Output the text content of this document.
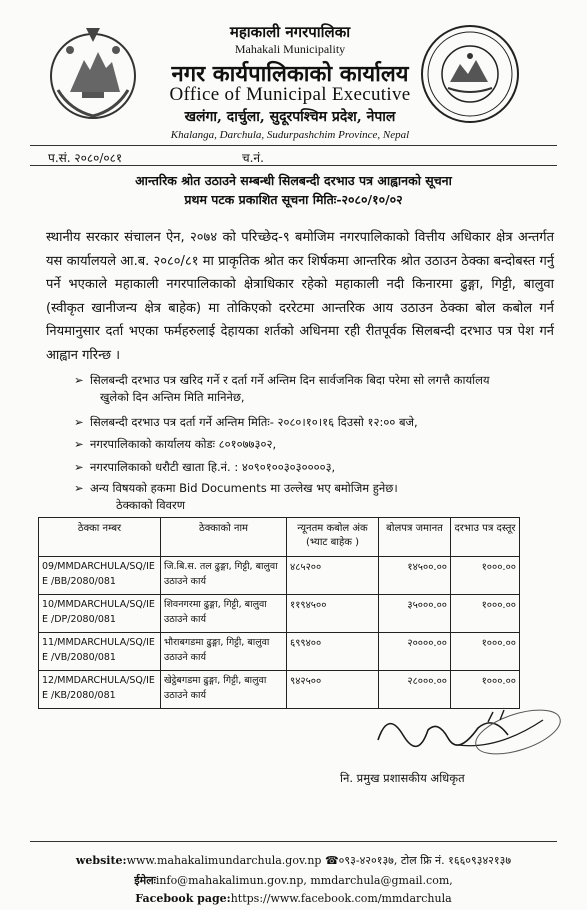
महाकाली नगरपालिका
Mahakali Municipality
नगर कार्यपालिकाको कार्यालय
Office of Municipal Executive
खलंगा, दार्चुला, सुदूरपश्चिम प्रदेश, नेपाल
Khalanga, Darchula, Sudurpashchim Province, Nepal
प.सं. २०८०/०८१	च.नं.
आन्तरिक श्रोत उठाउने सम्बन्धी सिलबन्दी दरभाउ पत्र आह्वानको सूचना
प्रथम पटक प्रकाशित सूचना मितिः-२०८०/१०/०२
स्थानीय सरकार संचालन ऐन, २०७४ को परिच्छेद-९ बमोजिम नगरपालिकाको वित्तीय अधिकार क्षेत्र अन्तर्गत यस कार्यालयले आ.ब. २०८०/८१ मा प्राकृतिक श्रोत कर शिर्षकमा आन्तरिक श्रोत उठाउन ठेक्का बन्दोबस्त गर्नु पर्ने भएकाले महाकाली नगरपालिकाको क्षेत्राधिकार रहेको महाकाली नदी किनारमा ढुङ्गा, गिट्टी, बालुवा (स्वीकृत खानीजन्य क्षेत्र बाहेक) मा तोकिएको दररेटमा आन्तरिक आय उठाउन ठेक्का बोल कबोल गर्न नियमानुसार दर्ता भएका फर्महरुलाई देहायका शर्तको अधिनमा रही रीतपूर्वक सिलबन्दी दरभाउ पत्र पेश गर्न आह्वान गरिन्छ ।
➢ सिलबन्दी दरभाउ पत्र खरिद गर्ने र दर्ता गर्ने अन्तिम दिन सार्वजनिक बिदा परेमा सो लगत्तै कार्यालय
खुलेको दिन अन्तिम मिति मानिनेछ,
➢ सिलबन्दी दरभाउ पत्र दर्ता गर्ने अन्तिम मितिः- २०८०।१०।१६ दिउसो १२:०० बजे,
➢ नगरपालिकाको कार्यालय कोडः ८०१०७७३०२,
➢ नगरपालिकाको धरौटी खाता हि.नं. : ४०९०१००३०३००००३,
➢ अन्य विषयको हकमा Bid Documents मा उल्लेख भए बमोजिम हुनेछ।
ठेक्काको विवरण
ठेक्का नम्बर	ठेक्काको नाम	न्यूनतम कबोल अंक (भ्याट बाहेक )	बोलपत्र जमानत	दरभाउ पत्र दस्तूर
09/MMDARCHULA/SQ/IE E /BB/2080/081	जि.बि.स. तल ढुङ्गा, गिट्टी, बालुवा उठाउने कार्य	४८५२००	१४५००.००	१०००.००
10/MMDARCHULA/SQ/IE E /DP/2080/081	शिवनगरमा ढुङ्गा, गिट्टी, बालुवा उठाउने कार्य	११९४५००	३५०००.००	१०००.००
11/MMDARCHULA/SQ/IE E /VB/2080/081	भौराबगडमा ढुङ्गा, गिट्टी, बालुवा उठाउने कार्य	६९९४००	२००००.००	१०००.००
12/MMDARCHULA/SQ/IE E /KB/2080/081	खेट्ठेबगडमा ढुङ्गा, गिट्टी, बालुवा उठाउने कार्य	९४२५००	२८०००.००	१०००.००
नि. प्रमुख प्रशासकीय अधिकृत
website:www.mahakalimundarchula.gov.np ☎०९३-४२०१३७, टोल फ्रि नं. १६६०९३४२१३७
ईमेलःinfo@mahakalimun.gov.np, mmdarchula@gmail.com,
Facebook page:https://www.facebook.com/mmdarchula
